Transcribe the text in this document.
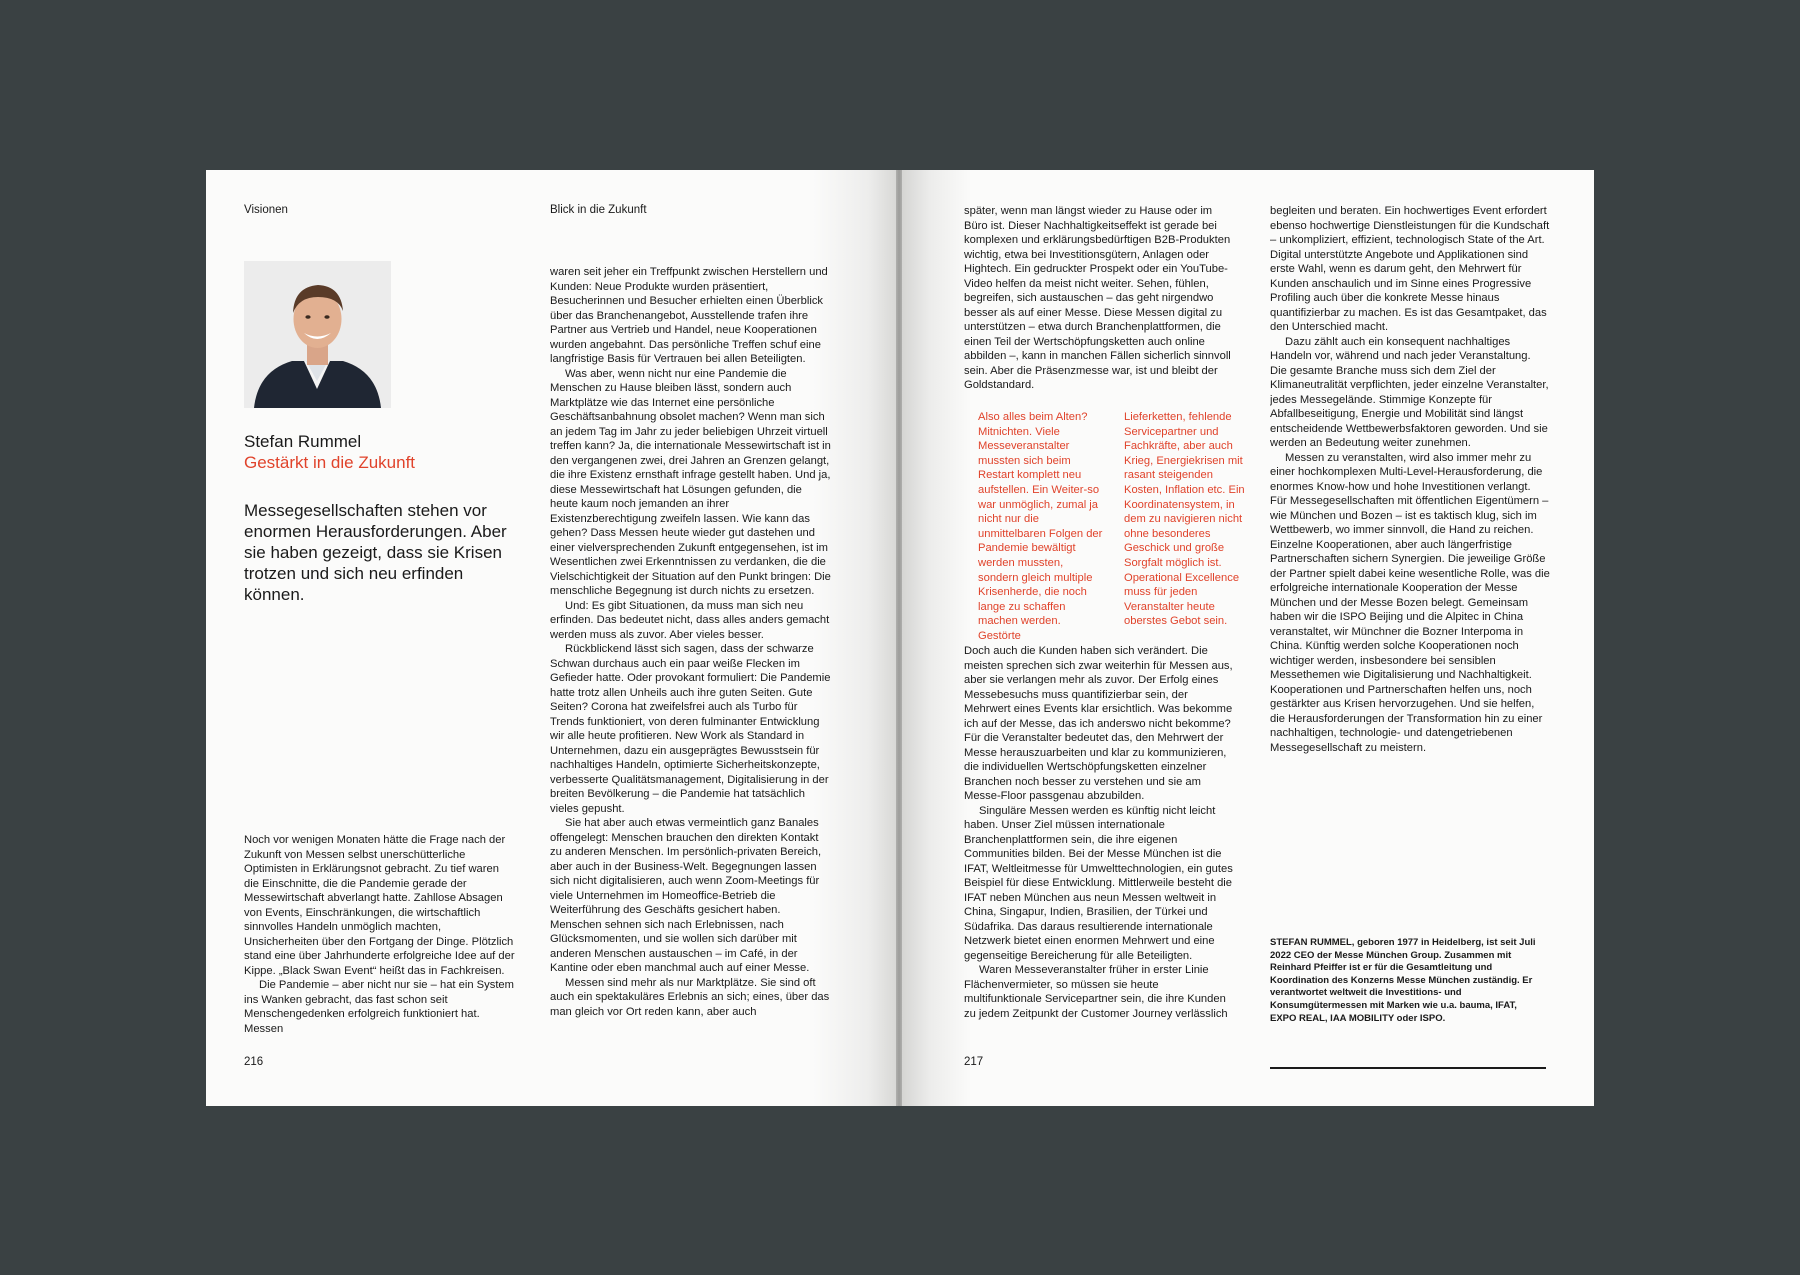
Visionen	Blick in die Zukunft
Stefan Rummel
Gestärkt in die Zukunft

Messegesellschaften stehen vor enormen Herausforderungen. Aber sie haben gezeigt, dass sie Krisen trotzen und sich neu erfinden können.

Noch vor wenigen Monaten hätte die Frage nach der Zukunft von Messen selbst unerschütterliche Optimisten in Erklärungsnot gebracht. Zu tief waren die Einschnitte, die die Pandemie gerade der Messewirtschaft abverlangt hatte. Zahllose Absagen von Events, Einschränkungen, die wirtschaftlich sinnvolles Handeln unmöglich machten, Unsicherheiten über den Fortgang der Dinge. Plötzlich stand eine über Jahrhunderte erfolgreiche Idee auf der Kippe. „Black Swan Event“ heißt das in Fachkreisen.

Die Pandemie – aber nicht nur sie – hat ein System ins Wanken gebracht, das fast schon seit Menschengedenken erfolgreich funktioniert hat. Messen

waren seit jeher ein Treffpunkt zwischen Herstellern und Kunden: Neue Produkte wurden präsentiert, Besucherinnen und Besucher erhielten einen Überblick über das Branchenangebot, Ausstellende trafen ihre Partner aus Vertrieb und Handel, neue Kooperationen wurden angebahnt. Das persönliche Treffen schuf eine langfristige Basis für Vertrauen bei allen Beteiligten.

Was aber, wenn nicht nur eine Pandemie die Menschen zu Hause bleiben lässt, sondern auch Marktplätze wie das Internet eine persönliche Geschäftsanbahnung obsolet machen? Wenn man sich an jedem Tag im Jahr zu jeder beliebigen Uhrzeit virtuell treffen kann? Ja, die internationale Messewirtschaft ist in den vergangenen zwei, drei Jahren an Grenzen gelangt, die ihre Existenz ernsthaft infrage gestellt haben. Und ja, diese Messewirtschaft hat Lösungen gefunden, die heute kaum noch jemanden an ihrer Existenzberechtigung zweifeln lassen. Wie kann das gehen? Dass Messen heute wieder gut dastehen und einer vielversprechenden Zukunft entgegensehen, ist im Wesentlichen zwei Erkenntnissen zu verdanken, die die Vielschichtigkeit der Situation auf den Punkt bringen: Die menschliche Begegnung ist durch nichts zu ersetzen.

Und: Es gibt Situationen, da muss man sich neu erfinden. Das bedeutet nicht, dass alles anders gemacht werden muss als zuvor. Aber vieles besser.

Rückblickend lässt sich sagen, dass der schwarze Schwan durchaus auch ein paar weiße Flecken im Gefieder hatte. Oder provokant formuliert: Die Pandemie hatte trotz allen Unheils auch ihre guten Seiten. Gute Seiten? Corona hat zweifelsfrei auch als Turbo für Trends funktioniert, von deren fulminanter Entwicklung wir alle heute profitieren. New Work als Standard in Unternehmen, dazu ein ausgeprägtes Bewusstsein für nachhaltiges Handeln, optimierte Sicherheitskonzepte, verbesserte Qualitätsmanagement, Digitalisierung in der breiten Bevölkerung – die Pandemie hat tatsächlich vieles gepusht.

Sie hat aber auch etwas vermeintlich ganz Banales offengelegt: Menschen brauchen den direkten Kontakt zu anderen Menschen. Im persönlich-privaten Bereich, aber auch in der Business-Welt. Begegnungen lassen sich nicht digitalisieren, auch wenn Zoom-Meetings für viele Unternehmen im Homeoffice-Betrieb die Weiterführung des Geschäfts gesichert haben. Menschen sehnen sich nach Erlebnissen, nach Glücksmomenten, und sie wollen sich darüber mit anderen Menschen austauschen – im Café, in der Kantine oder eben manchmal auch auf einer Messe.

Messen sind mehr als nur Marktplätze. Sie sind oft auch ein spektakuläres Erlebnis an sich; eines, über das man gleich vor Ort reden kann, aber auch

216

später, wenn man längst wieder zu Hause oder im Büro ist. Dieser Nachhaltigkeitseffekt ist gerade bei komplexen und erklärungsbedürftigen B2B-Produkten wichtig, etwa bei Investitionsgütern, Anlagen oder Hightech. Ein gedruckter Prospekt oder ein YouTube-Video helfen da meist nicht weiter. Sehen, fühlen, begreifen, sich austauschen – das geht nirgendwo besser als auf einer Messe. Diese Messen digital zu unterstützen – etwa durch Branchenplattformen, die einen Teil der Wertschöpfungsketten auch online abbilden –, kann in manchen Fällen sicherlich sinnvoll sein. Aber die Präsenzmesse war, ist und bleibt der Goldstandard.

Also alles beim Alten? Mitnichten. Viele Messeveranstalter mussten sich beim Restart komplett neu aufstellen. Ein Weiter-so war unmöglich, zumal ja nicht nur die unmittelbaren Folgen der Pandemie bewältigt werden mussten, sondern gleich multiple Krisenherde, die noch lange zu schaffen machen werden. Gestörte

Lieferketten, fehlende Servicepartner und Fachkräfte, aber auch Krieg, Energiekrisen mit rasant steigenden Kosten, Inflation etc. Ein Koordinatensystem, in dem zu navigieren nicht ohne besonderes Geschick und große Sorgfalt möglich ist. Operational Excellence muss für jeden Veranstalter heute oberstes Gebot sein.

Doch auch die Kunden haben sich verändert. Die meisten sprechen sich zwar weiterhin für Messen aus, aber sie verlangen mehr als zuvor. Der Erfolg eines Messebesuchs muss quantifizierbar sein, der Mehrwert eines Events klar ersichtlich. Was bekomme ich auf der Messe, das ich anderswo nicht bekomme? Für die Veranstalter bedeutet das, den Mehrwert der Messe herauszuarbeiten und klar zu kommunizieren, die individuellen Wertschöpfungsketten einzelner Branchen noch besser zu verstehen und sie am Messe-Floor passgenau abzubilden.

Singuläre Messen werden es künftig nicht leicht haben. Unser Ziel müssen internationale Branchenplattformen sein, die ihre eigenen Communities bilden. Bei der Messe München ist die IFAT, Weltleitmesse für Umwelttechnologien, ein gutes Beispiel für diese Entwicklung. Mittlerweile besteht die IFAT neben München aus neun Messen weltweit in China, Singapur, Indien, Brasilien, der Türkei und Südafrika. Das daraus resultierende internationale Netzwerk bietet einen enormen Mehrwert und eine gegenseitige Bereicherung für alle Beteiligten.

Waren Messeveranstalter früher in erster Linie Flächenvermieter, so müssen sie heute multifunktionale Servicepartner sein, die ihre Kunden zu jedem Zeitpunkt der Customer Journey verlässlich

begleiten und beraten. Ein hochwertiges Event erfordert ebenso hochwertige Dienstleistungen für die Kundschaft – unkompliziert, effizient, technologisch State of the Art. Digital unterstützte Angebote und Applikationen sind erste Wahl, wenn es darum geht, den Mehrwert für Kunden anschaulich und im Sinne eines Progressive Profiling auch über die konkrete Messe hinaus quantifizierbar zu machen. Es ist das Gesamtpaket, das den Unterschied macht.

Dazu zählt auch ein konsequent nachhaltiges Handeln vor, während und nach jeder Veranstaltung. Die gesamte Branche muss sich dem Ziel der Klimaneutralität verpflichten, jeder einzelne Veranstalter, jedes Messegelände. Stimmige Konzepte für Abfallbeseitigung, Energie und Mobilität sind längst entscheidende Wettbewerbsfaktoren geworden. Und sie werden an Bedeutung weiter zunehmen.

Messen zu veranstalten, wird also immer mehr zu einer hochkomplexen Multi-Level-Herausforderung, die enormes Know-how und hohe Investitionen verlangt. Für Messegesellschaften mit öffentlichen Eigentümern – wie München und Bozen – ist es taktisch klug, sich im Wettbewerb, wo immer sinnvoll, die Hand zu reichen. Einzelne Kooperationen, aber auch längerfristige Partnerschaften sichern Synergien. Die jeweilige Größe der Partner spielt dabei keine wesentliche Rolle, was die erfolgreiche internationale Kooperation der Messe München und der Messe Bozen belegt. Gemeinsam haben wir die ISPO Beijing und die Alpitec in China veranstaltet, wir Münchner die Bozner Interpoma in China. Künftig werden solche Kooperationen noch wichtiger werden, insbesondere bei sensiblen Messethemen wie Digitalisierung und Nachhaltigkeit. Kooperationen und Partnerschaften helfen uns, noch gestärkter aus Krisen hervorzugehen. Und sie helfen, die Herausforderungen der Transformation hin zu einer nachhaltigen, technologie- und datengetriebenen Messegesellschaft zu meistern.

STEFAN RUMMEL, geboren 1977 in Heidelberg, ist seit Juli 2022 CEO der Messe München Group. Zusammen mit Reinhard Pfeiffer ist er für die Gesamtleitung und Koordination des Konzerns Messe München zuständig. Er verantwortet weltweit die Investitions- und Konsumgütermessen mit Marken wie u.a. bauma, IFAT, EXPO REAL, IAA MOBILITY oder ISPO.

217
